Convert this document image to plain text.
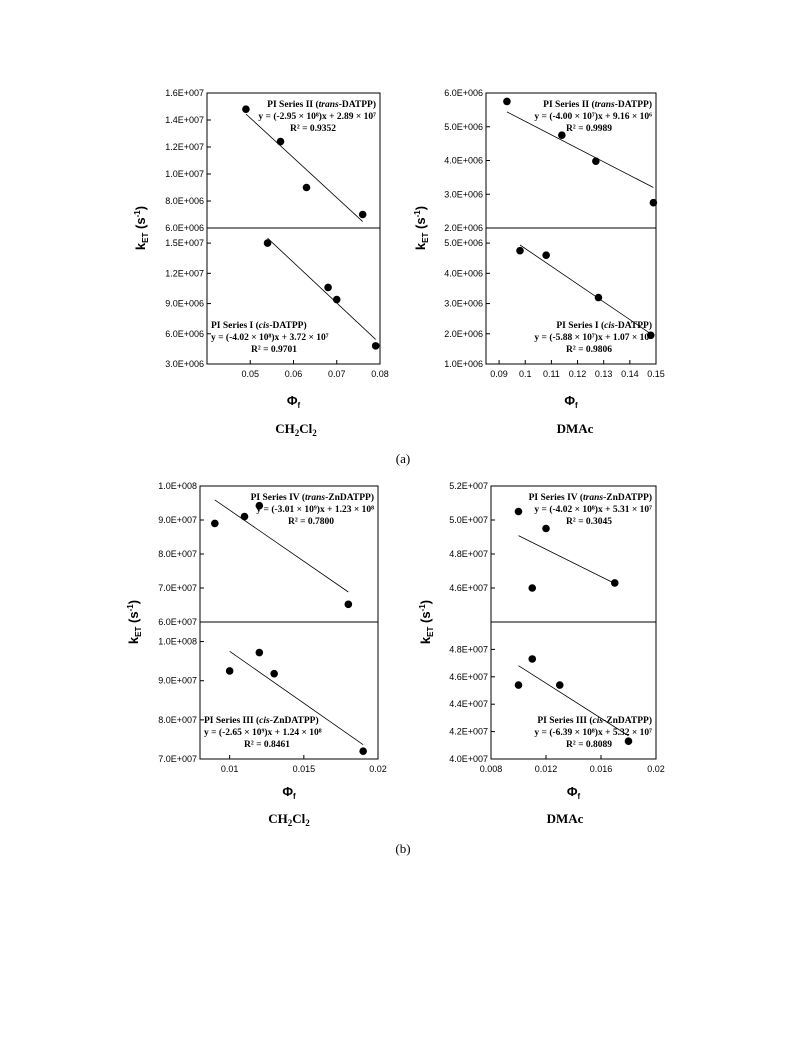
6.0E+006
8.0E+006
1.0E+007
1.2E+007
1.4E+007
1.6E+007
PI Series II (trans-DATPP)
y = (-2.95 × 10⁸)x + 2.89 × 10⁷
R² = 0.9352
3.0E+006
6.0E+006
9.0E+006
1.2E+007
1.5E+007
PI Series I (cis-DATPP)
y = (-4.02 × 10⁸)x + 3.72 × 10⁷
R² = 0.9701
0.05	0.06	0.07	0.08
kET (s-1)
Φf
2.0E+006
3.0E+006
4.0E+006
5.0E+006
6.0E+006
PI Series II (trans-DATPP)
y = (-4.00 × 10⁷)x + 9.16 × 10⁶
R² = 0.9989
1.0E+006
2.0E+006
3.0E+006
4.0E+006
5.0E+006
PI Series I (cis-DATPP)
y = (-5.88 × 10⁷)x + 1.07 × 10⁷
R² = 0.9806
0.09 0.1 0.11 0.12 0.13 0.14 0.15
kET (s-1)
Φf
6.0E+007
7.0E+007
8.0E+007
9.0E+007
1.0E+008
PI Series IV (trans-ZnDATPP)
y = (-3.01 × 10⁹)x + 1.23 × 10⁸
R² = 0.7800
7.0E+007
8.0E+007
9.0E+007
1.0E+008
PI Series III (cis-ZnDATPP)
y = (-2.65 × 10⁹)x + 1.24 × 10⁸
R² = 0.8461
0.01	0.015	0.02
kET (s-1)
Φf
4.6E+007
4.8E+007
5.0E+007
5.2E+007
PI Series IV (trans-ZnDATPP)
y = (-4.02 × 10⁸)x + 5.31 × 10⁷
R² = 0.3045
4.0E+007
4.2E+007
4.4E+007
4.6E+007
4.8E+007
PI Series III (cis-ZnDATPP)
y = (-6.39 × 10⁸)x + 5.32 × 10⁷
R² = 0.8089
0.008	0.012	0.016	0.02
kET (s-1)
Φf
CH2Cl2	DMAc
(a)
CH2Cl2	DMAc
(b)
